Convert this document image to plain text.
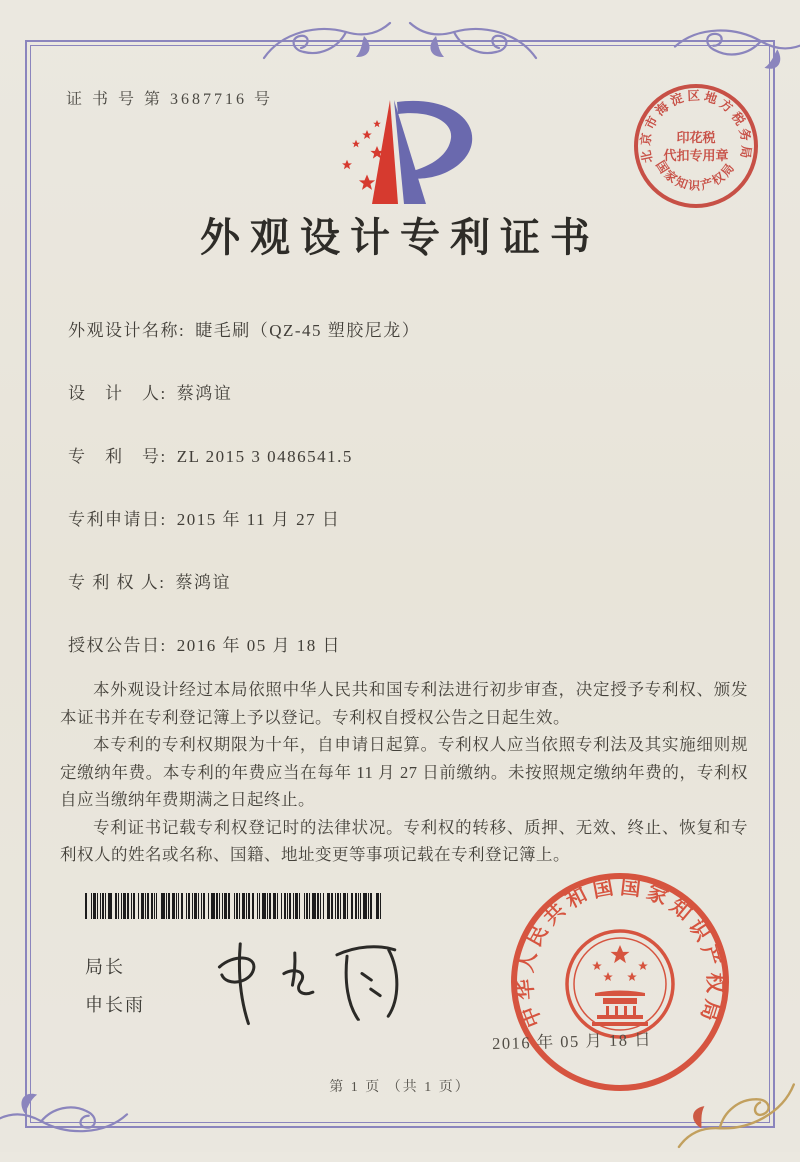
证 书 号 第 3687716 号
北京市海淀区地方税务局
印花税
代扣专用章
国家知识产权局
外观设计专利证书
外观设计名称: 睫毛刷（QZ-45 塑胶尼龙）
设　计　人: 蔡鸿谊
专　利　号: ZL 2015 3 0486541.5
专利申请日: 2015 年 11 月 27 日
专 利 权 人: 蔡鸿谊
授权公告日: 2016 年 05 月 18 日

本外观设计经过本局依照中华人民共和国专利法进行初步审查，决定授予专利权、颁发本证书并在专利登记簿上予以登记。专利权自授权公告之日起生效。

本专利的专利权期限为十年，自申请日起算。专利权人应当依照专利法及其实施细则规定缴纳年费。本专利的年费应当在每年 11 月 27 日前缴纳。未按照规定缴纳年费的，专利权自应当缴纳年费期满之日起终止。

专利证书记载专利权登记时的法律状况。专利权的转移、质押、无效、终止、恢复和专利权人的姓名或名称、国籍、地址变更等事项记载在专利登记簿上。

局长
申长雨	中华人民共和国国家知识产权局
2016 年 05 月 18 日
第 1 页 （共 1 页）
